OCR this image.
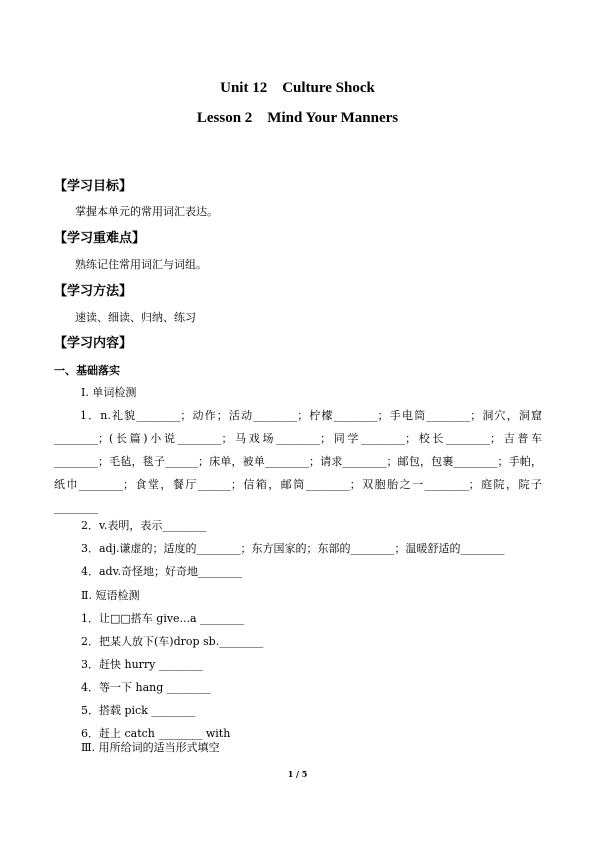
Unit 12    Culture Shock
Lesson 2    Mind Your Manners
【学习目标】
掌握本单元的常用词汇表达。
【学习重难点】
熟练记住常用词汇与词组。
【学习方法】
速读、细读、归纳、练习
【学习内容】
一、基础落实
Ⅰ. 单词检测
1．n.礼貌________；动作；活动________；柠檬________；手电筒________；洞穴，洞窟________；(长篇)小说________；马戏场________；同学________；校长________；吉普车________；毛毡，毯子______；床单，被单________；请求________；邮包，包裹________；手帕，纸巾________；食堂，餐厅______；信箱，邮筒________；双胞胎之一________；庭院，院子________
2．v.表明，表示________
3．adj.谦虚的；适度的________；东方国家的；东部的________；温暖舒适的________
4．adv.奇怪地；好奇地________
Ⅱ. 短语检测
1．让□□搭车 give...a ________
2．把某人放下(车)drop sb.________
3．赶快 hurry ________
4．等一下 hang ________
5．搭载 pick ________
6．赶上 catch ________ with
Ⅲ. 用所给词的适当形式填空
1 / 5
